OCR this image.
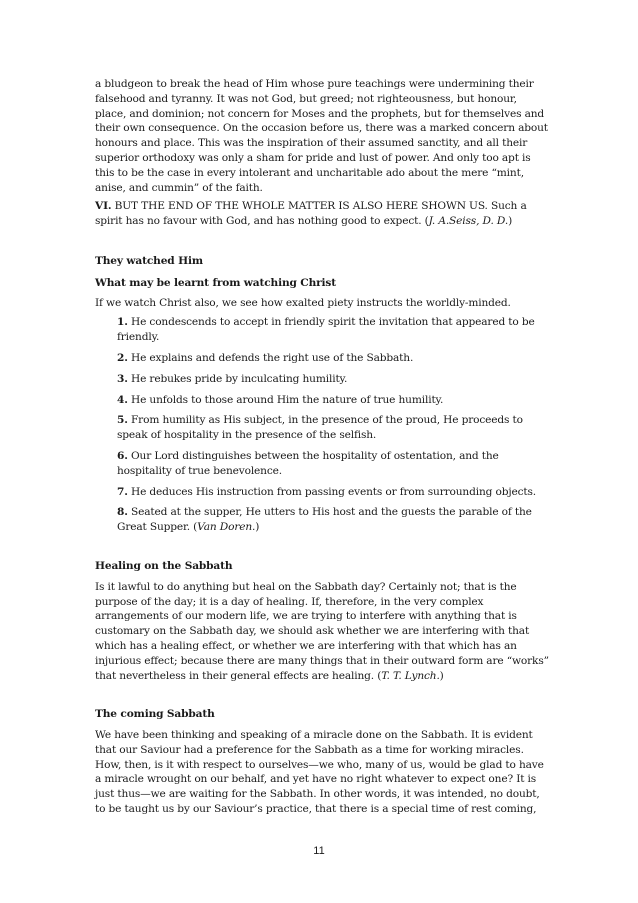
a bludgeon to break the head of Him whose pure teachings were undermining their falsehood and tyranny. It was not God, but greed; not righteousness, but honour, place, and dominion; not concern for Moses and the prophets, but for themselves and their own consequence. On the occasion before us, there was a marked concern about honours and place. This was the inspiration of their assumed sanctity, and all their superior orthodoxy was only a sham for pride and lust of power. And only too apt is this to be the case in every intolerant and uncharitable ado about the mere “mint, anise, and cummin” of the faith.

VI. BUT THE END OF THE WHOLE MATTER IS ALSO HERE SHOWN US. Such a spirit has no favour with God, and has nothing good to expect. (J. A.Seiss, D. D.)

They watched Him

What may be learnt from watching Christ

If we watch Christ also, we see how exalted piety instructs the worldly-minded.

1. He condescends to accept in friendly spirit the invitation that appeared to be friendly.
2. He explains and defends the right use of the Sabbath.
3. He rebukes pride by inculcating humility.
4. He unfolds to those around Him the nature of true humility.
5. From humility as His subject, in the presence of the proud, He proceeds to speak of hospitality in the presence of the selfish.
6. Our Lord distinguishes between the hospitality of ostentation, and the hospitality of true benevolence.
7. He deduces His instruction from passing events or from surrounding objects.
8. Seated at the supper, He utters to His host and the guests the parable of the Great Supper. (Van Doren.)

Healing on the Sabbath

Is it lawful to do anything but heal on the Sabbath day? Certainly not; that is the purpose of the day; it is a day of healing. If, therefore, in the very complex arrangements of our modern life, we are trying to interfere with anything that is customary on the Sabbath day, we should ask whether we are interfering with that which has a healing effect, or whether we are interfering with that which has an injurious effect; because there are many things that in their outward form are “works” that nevertheless in their general effects are healing. (T. T. Lynch.)

The coming Sabbath

We have been thinking and speaking of a miracle done on the Sabbath. It is evident that our Saviour had a preference for the Sabbath as a time for working miracles. How, then, is it with respect to ourselves—we who, many of us, would be glad to have a miracle wrought on our behalf, and yet have no right whatever to expect one? It is just thus—we are waiting for the Sabbath. In other words, it was intended, no doubt, to be taught us by our Saviour’s practice, that there is a special time of rest coming,

11
